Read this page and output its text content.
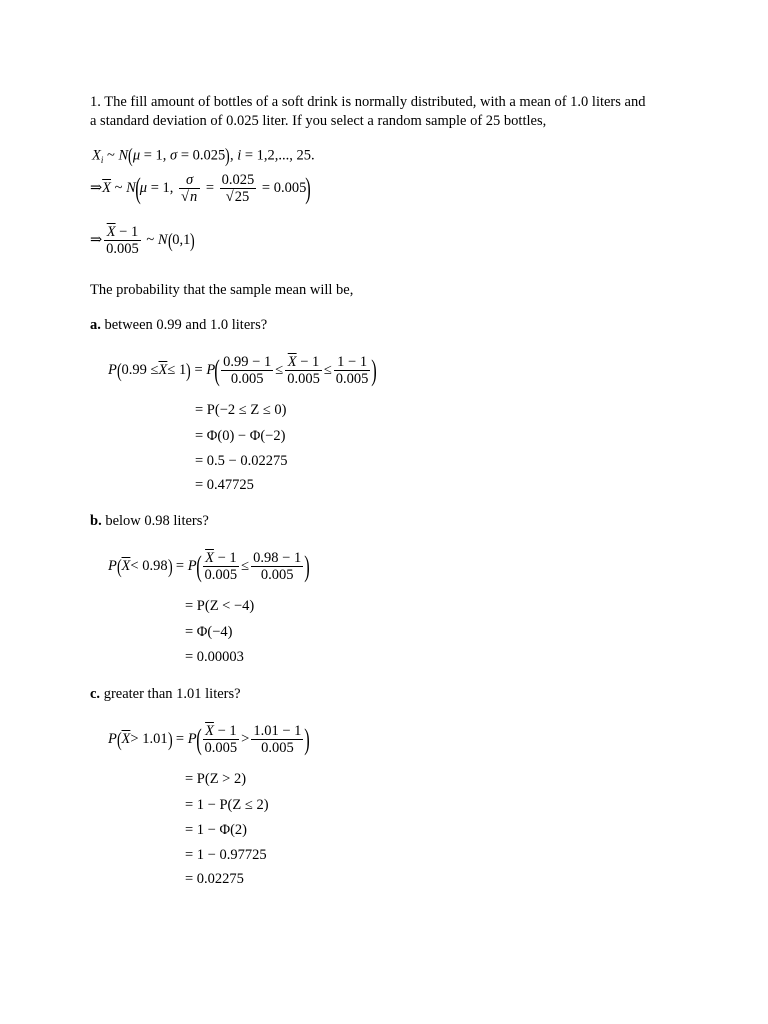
1. The fill amount of bottles of a soft drink is normally distributed, with a mean of 1.0 liters and
a standard deviation of 0.025 liter. If you select a random sample of 25 bottles,
$X_i$ ~ N(μ = 1, σ = 0.025), i = 1,2,..., 25.
⇒ $\overline{X}$ ~ N ( μ = 1, $\frac{\sigma}{√n} = \frac{0.025}{√25} = 0.005$ )
⇒ $\frac{\overline{X} - 1}{0.005}$ ~ N ( 0,1 )
The probability that the sample mean will be,
a. between 0.99 and 1.0 liters?
P ( $0.99 \le \overline{X} \le 1$ ) = P ( $\frac{0.99 - 1}{0.005} \le \frac{\overline{X} - 1}{0.005} \le \frac{1 - 1}{0.005}$ )
= P(−2 ≤ Z ≤ 0)
= Φ(0) − Φ(−2)
= 0.5 − 0.02275
= 0.47725
b. below 0.98 liters?
P ( $\overline{X} < 0.98$ ) = P ( $\frac{\overline{X} - 1}{0.005} \le \frac{0.98 - 1}{0.005}$ )
= P(Z < −4)
= Φ(−4)
= 0.00003
c. greater than 1.01 liters?
P ( $\overline{X} > 1.01$ ) = P ( $\frac{\overline{X} - 1}{0.005} > \frac{1.01 - 1}{0.005}$ )
= P(Z > 2)
= 1 − P(Z ≤ 2)
= 1 − Φ(2)
= 1 − 0.97725
= 0.02275
